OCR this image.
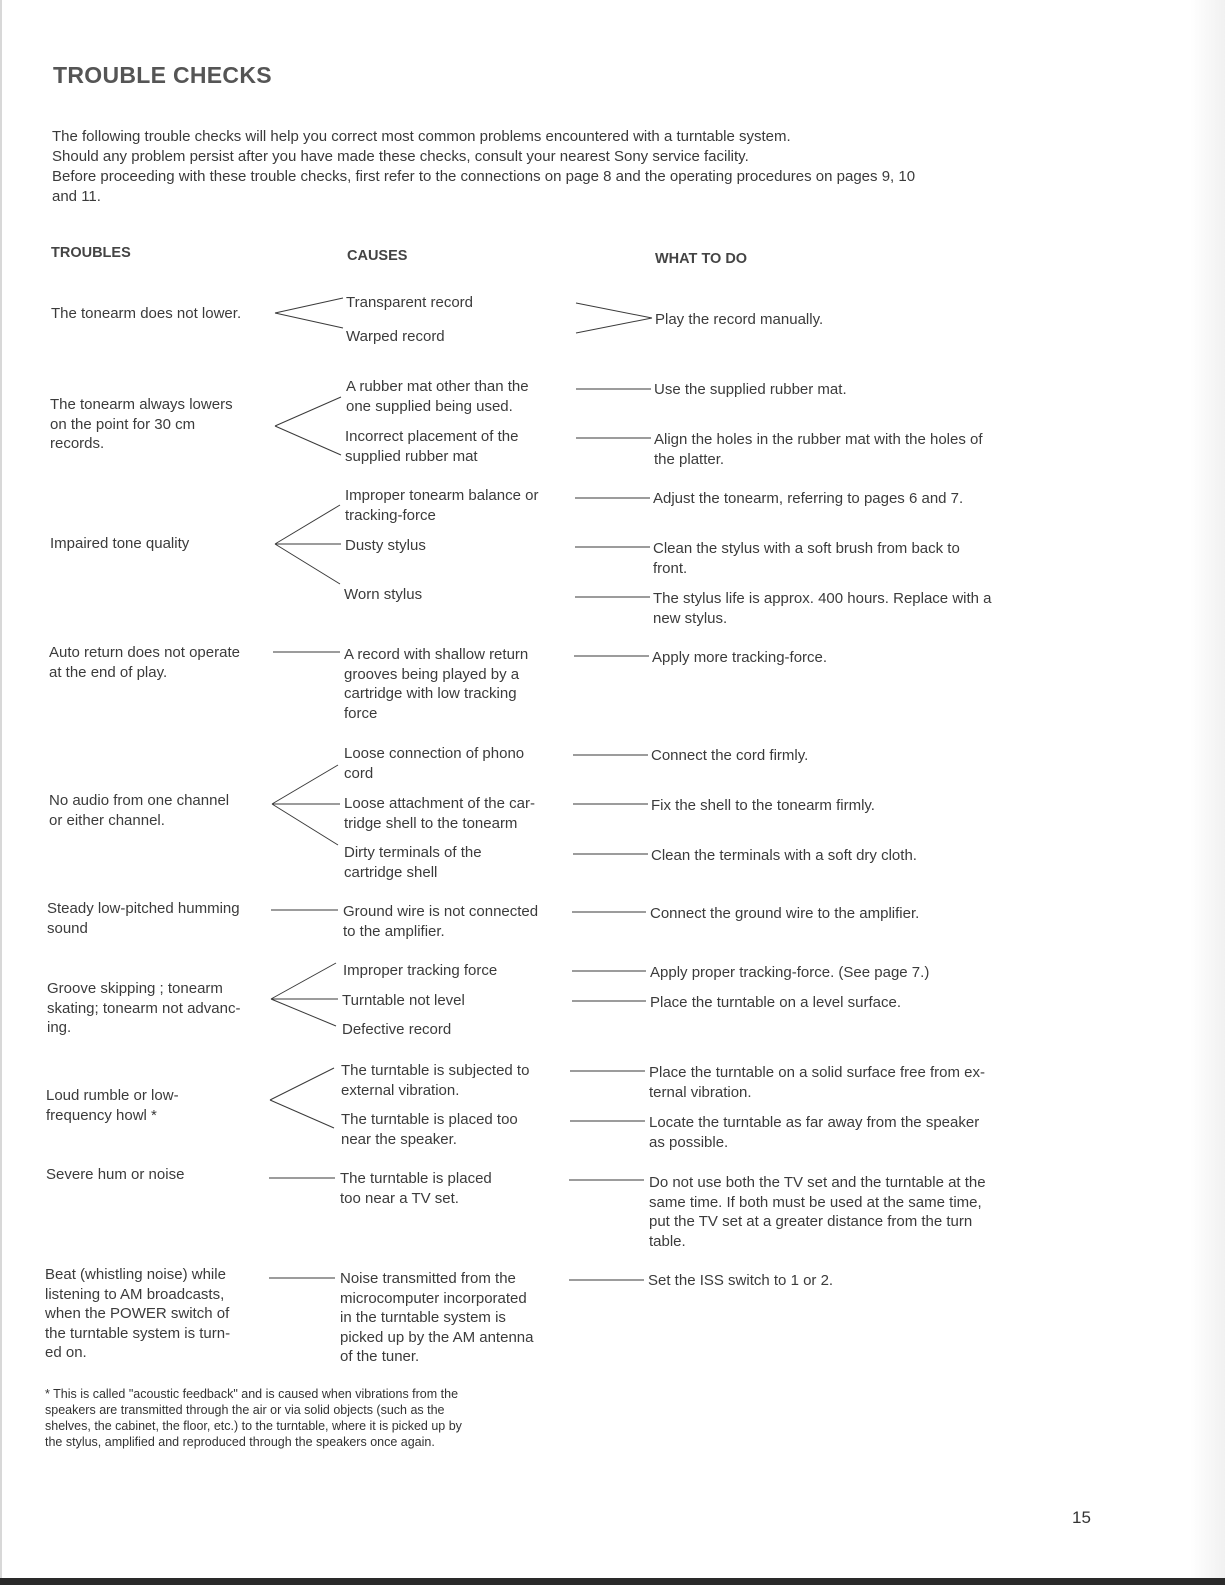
TROUBLE CHECKS
The following trouble checks will help you correct most common problems encountered with a turntable system.
Should any problem persist after you have made these checks, consult your nearest Sony service facility.
Before proceeding with these trouble checks, first refer to the connections on page 8 and the operating procedures on pages 9, 10
and 11.
TROUBLES	CAUSES	WHAT TO DO
The tonearm does not lower.
The tonearm always lowers
on the point for 30 cm
records.
Impaired tone quality
Auto return does not operate
at the end of play.
No audio from one channel
or either channel.
Steady low-pitched humming
sound
Groove skipping ; tonearm
skating; tonearm not advanc-
ing.
Loud rumble or low-
frequency howl *
Severe hum or noise
Beat (whistling noise) while
listening to AM broadcasts,
when the POWER switch of
the turntable system is turn-
ed on.
Transparent record
Warped record
A rubber mat other than the
one supplied being used.
Incorrect placement of the
supplied rubber mat
Improper tonearm balance or
tracking-force
Dusty stylus
Worn stylus
A record with shallow return
grooves being played by a
cartridge with low tracking
force
Loose connection of phono
cord
Loose attachment of the car-
tridge shell to the tonearm
Dirty terminals of the
cartridge shell
Ground wire is not connected
to the amplifier.
Improper tracking force
Turntable not level
Defective record
The turntable is subjected to
external vibration.
The turntable is placed too
near the speaker.
The turntable is placed
too near a TV set.
Noise transmitted from the
microcomputer incorporated
in the turntable system is
picked up by the AM antenna
of the tuner.
Play the record manually.
Use the supplied rubber mat.
Align the holes in the rubber mat with the holes of
the platter.
Adjust the tonearm, referring to pages 6 and 7.
Clean the stylus with a soft brush from back to
front.
The stylus life is approx. 400 hours. Replace with a
new stylus.
Apply more tracking-force.
Connect the cord firmly.
Fix the shell to the tonearm firmly.
Clean the terminals with a soft dry cloth.
Connect the ground wire to the amplifier.
Apply proper tracking-force. (See page 7.)
Place the turntable on a level surface.
Place the turntable on a solid surface free from ex-
ternal vibration.
Locate the turntable as far away from the speaker
as possible.
Do not use both the TV set and the turntable at the
same time. If both must be used at the same time,
put the TV set at a greater distance from the turn
table.
Set the ISS switch to 1 or 2.
* This is called "acoustic feedback" and is caused when vibrations from the
speakers are transmitted through the air or via solid objects (such as the
shelves, the cabinet, the floor, etc.) to the turntable, where it is picked up by
the stylus, amplified and reproduced through the speakers once again.
15
